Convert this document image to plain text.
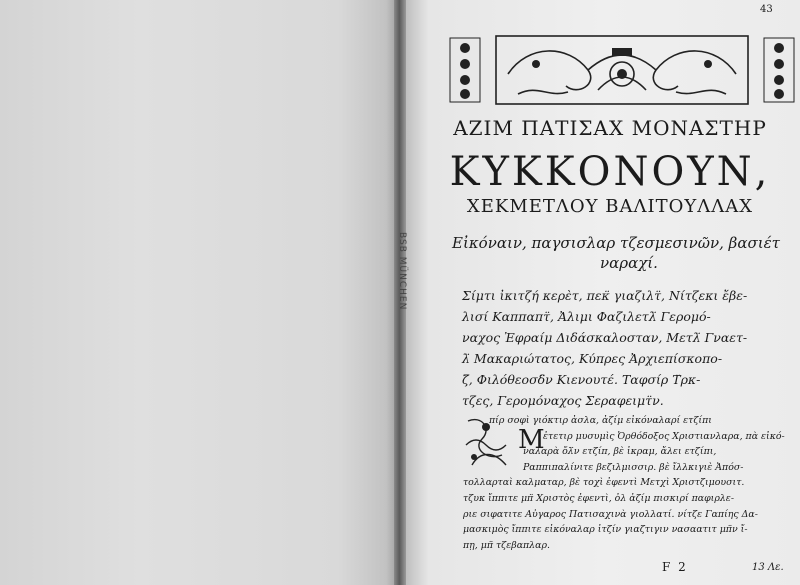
BSB MÜNCHEN
43
ΑΖΙΜ ΠΑΤΙΣΑΧ ΜΟΝΑΣΤΗΡ
ΚΥΚΚΟΝΟΥΝ,
ΧΕΚΜΕΤΛΟΥ ΒΑΛΙΤΟΥΛΛΑΧ
Εἰκόναιν, παγσισλαρ τζεσμεσινῶν, βασιέτ
ναραχί.
Σίμτι ἰκιτζή κερὲτ, πεκ̈ γιαζιλτ̈, Νίτζεκι ἔβε-
λισί Καππαπτ̈, Ἀλιμι Φαζιλετλ̈ Γερομό-
ναχος Ἐφραίμ Διδάσκαλοσταν, Μετλ̈ Γναετ-
λ̈ Μακαριώτατος, Κύπρες Ἀρχιεπίσκοπο-
ζ̈, Φιλόθεοσδ̈ν Κιενουτέ. Ταφσίρ Τ̈ρκ-
τζες, Γερομόναχος Σεραφειμτ̈ν.
Μ
πίρ σοφὶ γιόκτιρ ἀσλα, ἀζίμ εἰκόναλαρί ετζίπι
ἐτετιρ μυσυμὶς Ὀρθόδοξος Χριστιανλαρα, πὰ εἰκό-
ναλαρὰ ὄλ̈ν ετζίπ, βὲ ἰκραμ, ἄλει ετζίπι,
Ραππιπαλίνιτε βεζιλμισσιρ. βὲ ἴλλκιγιὲ Ἀπόσ-
τολλαρταὶ καλματαρ, βὲ τοχὶ ἐφεντὶ Μετχὶ Χριστζιμουσιτ.
τζυκ ἴππιτε μπ̈ Χριστὸς ἐφεντὶ, ὀλ ἀζίμ πισκιρί παφιρλε-
ριε σιφατιτε Αὐγαρος Πατισαχινὰ γιολλατί. νίτζε Γαπίης Δα-
μασκιμὸς ἴππιτε εἰκόναλαρ ἰτζίν γιαζτιγιν νασαατιτ μπ̈ν ἴ-
πῃ, μπ̈ τζεβαπλαρ.
F 2	13 Λε.
